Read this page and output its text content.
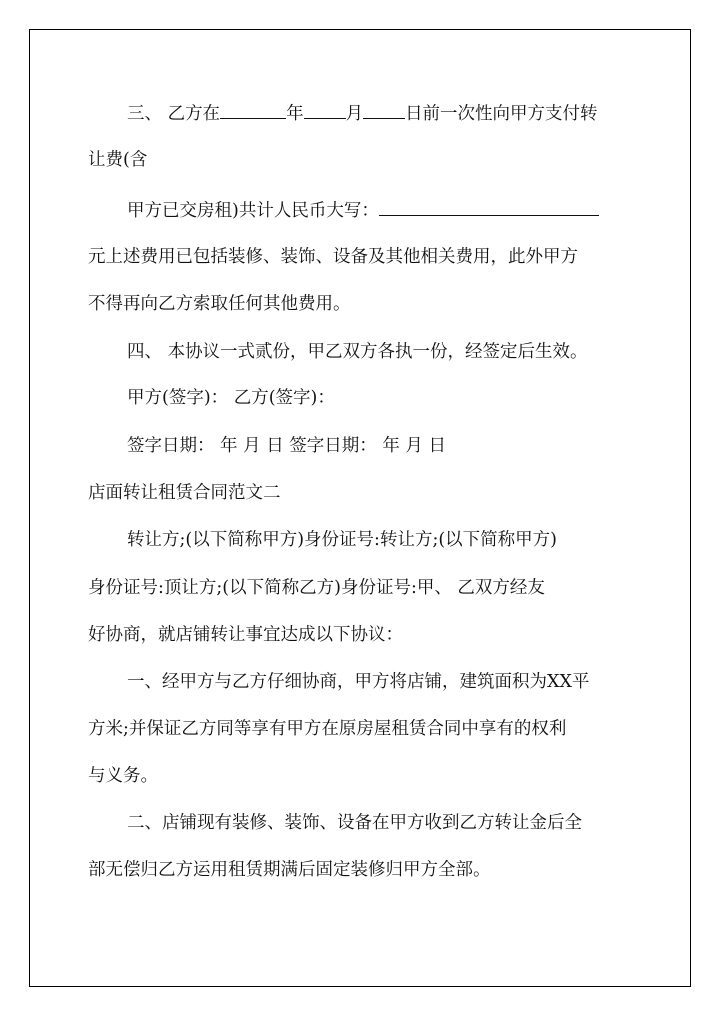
三、 乙方在	年 月 日前一次性向甲方支付转
让费(含
甲方已交房租)共计人民币大写：
元上述费用已包括装修、装饰、设备及其他相关费用，此外甲方
不得再向乙方索取任何其他费用。
四、 本协议一式贰份，甲乙双方各执一份，经签定后生效。
甲方(签字)： 乙方(签字)：
签字日期： 年 月 日 签字日期： 年 月 日
店面转让租赁合同范文二
转让方;(以下简称甲方)身份证号:转让方;(以下简称甲方)
身份证号:顶让方;(以下简称乙方)身份证号:甲、 乙双方经友
好协商，就店铺转让事宜达成以下协议：
一、经甲方与乙方仔细协商，甲方将店铺，建筑面积为XX平
方米;并保证乙方同等享有甲方在原房屋租赁合同中享有的权利
与义务。
二、店铺现有装修、装饰、设备在甲方收到乙方转让金后全
部无偿归乙方运用租赁期满后固定装修归甲方全部。
